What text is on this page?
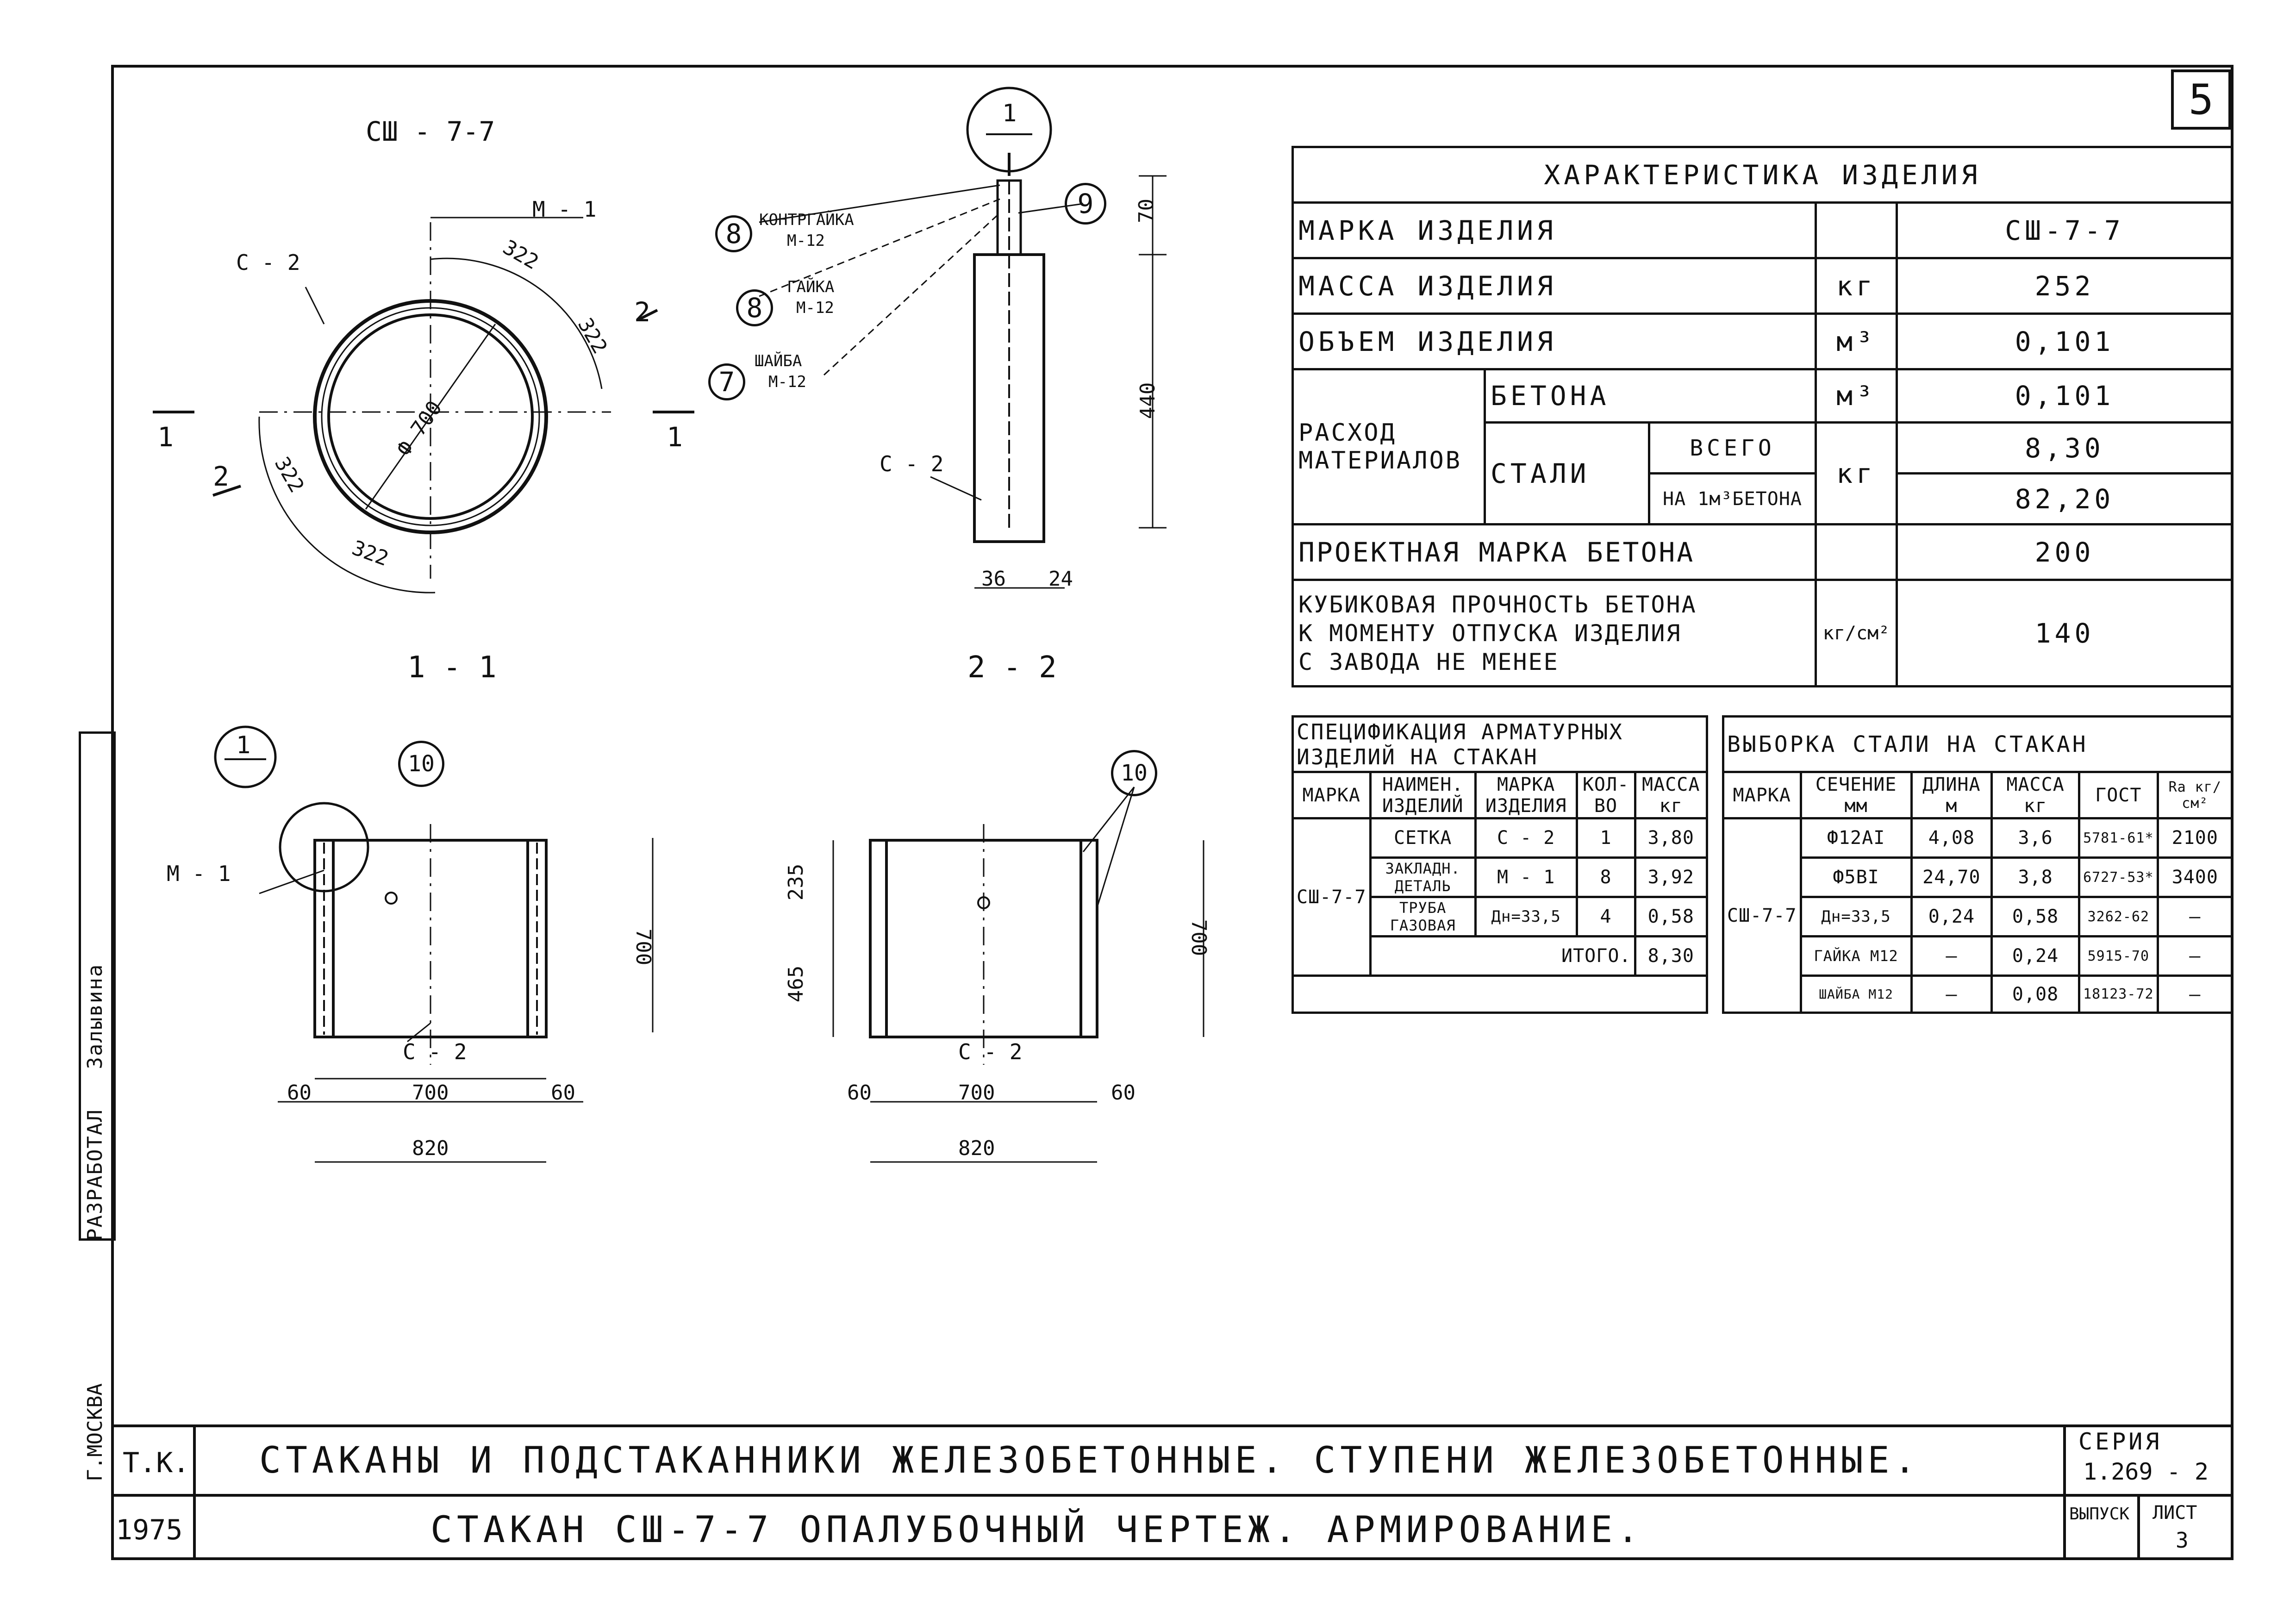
5
РАЗРАБОТАЛ   Залывина
Г.МОСКВА
СШ - 7-7
М - 1
С - 2	322
322
322
322
Ф 700
1	1
2
2
1 - 1
1
8	КОНТРГАЙКА
М-12
8
ГАЙКА
М-12
7
ШАЙБА
М-12
9
С - 2
70
440
36 24
2 - 2
1
10
М - 1
С - 2
700
700
820
60	60
10
235
465
700
С - 2
700
820
60	60
ХАРАКТЕРИСТИКА ИЗДЕЛИЯ				
МАРКА ИЗДЕЛИЯ				СШ-7-7
МАССА ИЗДЕЛИЯ			кг	252
ОБЪЕМ ИЗДЕЛИЯ			м³	0,101
РАСХОД МАТЕРИАЛОВ	БЕТОНА		м³	0,101
	СТАЛИ	ВСЕГО	кг	8,30
		НА 1м³БЕТОНА		82,20
ПРОЕКТНАЯ МАРКА БЕТОНА				200

КУБИКОВАЯ ПРОЧНОСТЬ БЕТОНА
К МОМЕНТУ ОТПУСКА ИЗДЕЛИЯ
С ЗАВОДА НЕ МЕНЕЕ			кг/см²	140
СПЕЦИФИКАЦИЯ АРМАТУРНЫХ ИЗДЕЛИЙ НА СТАКАН				
МАРКА	НАИМЕН. ИЗДЕЛИЙ	МАРКА ИЗДЕЛИЯ	КОЛ-ВО	МАССА кг
СШ-7-7	СЕТКА	С - 2	1	3,80
	ЗАКЛАДН. ДЕТАЛЬ	М - 1	8	3,92
	ТРУБА ГАЗОВАЯ	Дн=33,5	4	0,58
	ИТОГО.			8,30

ВЫБОРКА СТАЛИ НА СТАКАН					
МАРКА	СЕЧЕНИЕ мм	ДЛИНА м	МАССА кг	ГОСТ	Rа кг/см²
СШ-7-7	Ф12АI	4,08	3,6	5781-61*	2100
	Ф5ВI	24,70	3,8	6727-53*	3400
	Дн=33,5	0,24	0,58	3262-62	—
	ГАЙКА М12	—	0,24	5915-70	—
	ШАЙБА М12	—	0,08	18123-72	—
Т.К.
1975
СТАКАНЫ И ПОДСТАКАННИКИ ЖЕЛЕЗОБЕТОННЫЕ. СТУПЕНИ ЖЕЛЕЗОБЕТОННЫЕ.
СТАКАН СШ-7-7 ОПАЛУБОЧНЫЙ ЧЕРТЕЖ. АРМИРОВАНИЕ.
СЕРИЯ
1.269 - 2
ВЫПУСК ЛИСТ
3
